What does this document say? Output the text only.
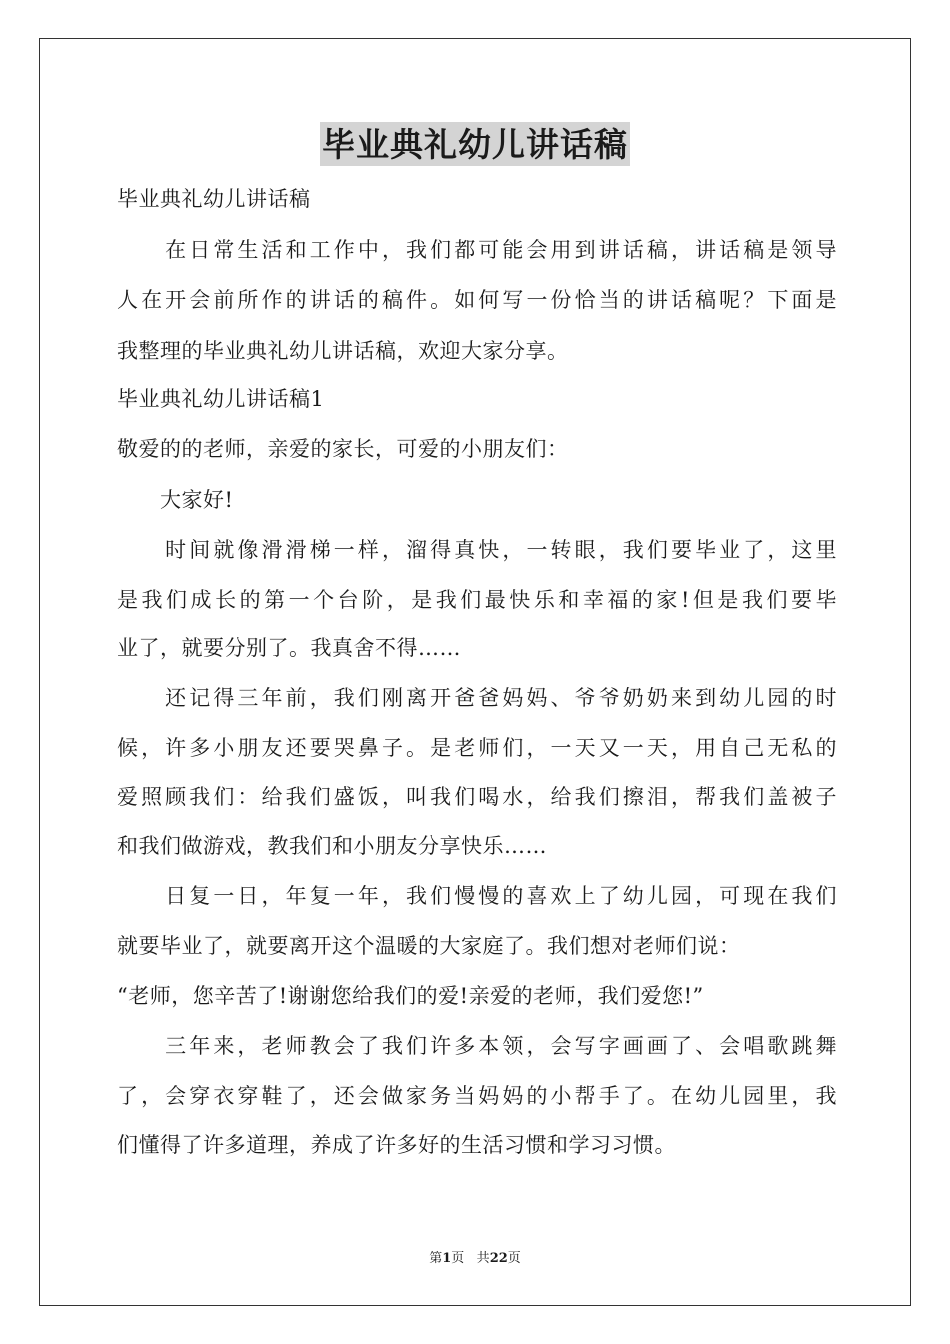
毕业典礼幼儿讲话稿
毕业典礼幼儿讲话稿
　　在日常生活和工作中，我们都可能会用到讲话稿，讲话稿是领导
人在开会前所作的讲话的稿件。如何写一份恰当的讲话稿呢？下面是
我整理的毕业典礼幼儿讲话稿，欢迎大家分享。
毕业典礼幼儿讲话稿1
敬爱的的老师，亲爱的家长，可爱的小朋友们：
　　大家好!
　　时间就像滑滑梯一样，溜得真快，一转眼，我们要毕业了，这里
是我们成长的第一个台阶，是我们最快乐和幸福的家!但是我们要毕
业了，就要分别了。我真舍不得……
　　还记得三年前，我们刚离开爸爸妈妈、爷爷奶奶来到幼儿园的时
候，许多小朋友还要哭鼻子。是老师们，一天又一天，用自己无私的
爱照顾我们：给我们盛饭，叫我们喝水，给我们擦泪，帮我们盖被子
和我们做游戏，教我们和小朋友分享快乐……
　　日复一日，年复一年，我们慢慢的喜欢上了幼儿园，可现在我们
就要毕业了，就要离开这个温暖的大家庭了。我们想对老师们说：
“老师，您辛苦了!谢谢您给我们的爱!亲爱的老师，我们爱您!”
　　三年来，老师教会了我们许多本领，会写字画画了、会唱歌跳舞
了，会穿衣穿鞋了，还会做家务当妈妈的小帮手了。在幼儿园里，我
们懂得了许多道理，养成了许多好的生活习惯和学习习惯。
第1页 共22页
